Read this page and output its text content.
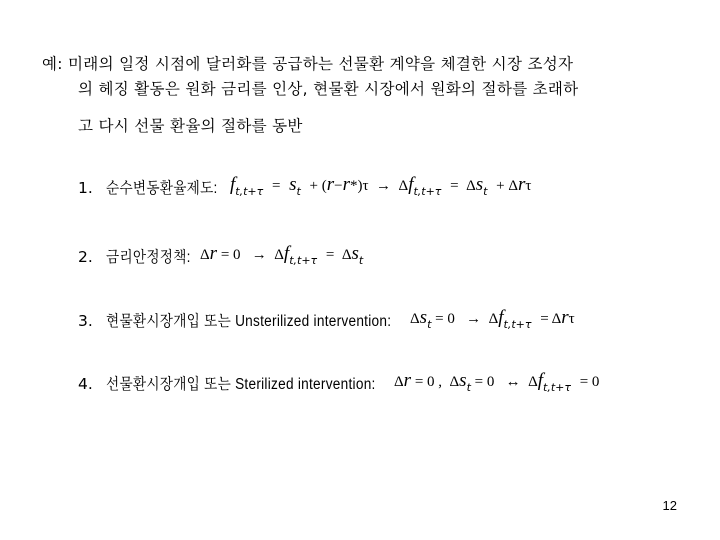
예: 미래의 일정 시점에 달러화를 공급하는 선물환 계약을 체결한 시장 조성자
의 헤징 활동은 원화 금리를 인상, 현물환 시장에서 원화의 절하를 초래하
고 다시 선물 환율의 절하를 동반
1. 순수변동환율제도: $f_{t,t+\tau} = s_t + (r-r*)\tau \to \Delta f_{t,t+\tau} = \Delta s_t + \Delta r\tau$
2. 금리안정정책: $\Delta r = 0 \to \Delta f_{t,t+\tau} = \Delta s_t$
3. 현물환시장개입 또는 Unsterilized intervention: $\Delta s_t = 0 \to \Delta f_{t,t+\tau} = \Delta r\tau$
4. 선물환시장개입 또는 Sterilized intervention: Δr = 0 ,  $\Delta s_t = 0$   ↔  $\Delta f_{t,t+\tau} = 0$
12
